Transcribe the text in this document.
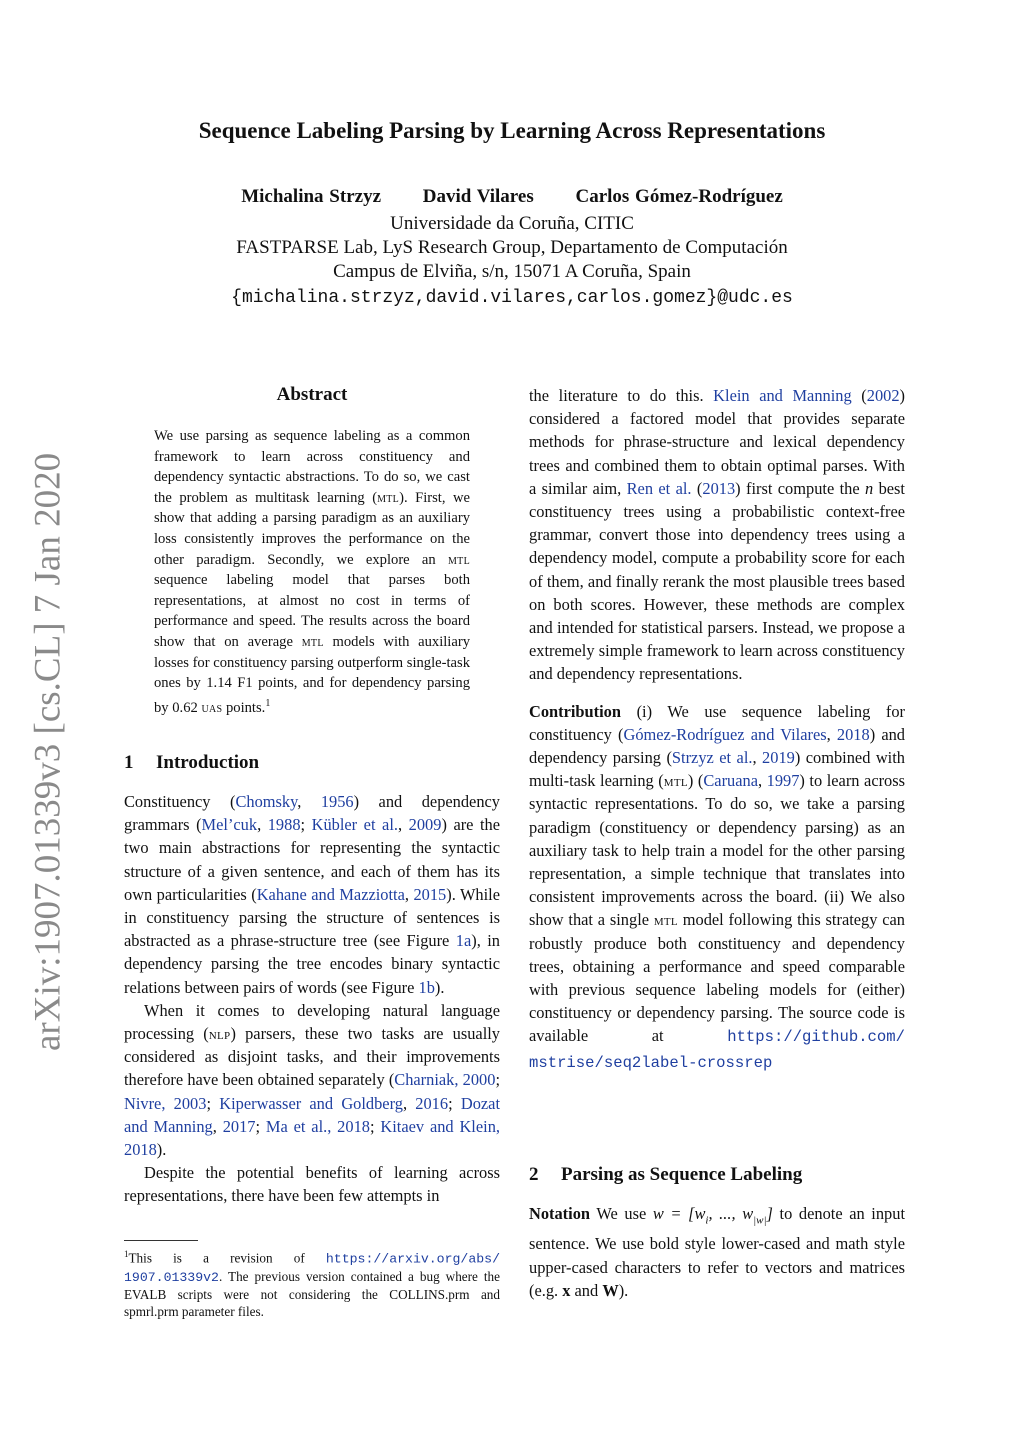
arXiv:1907.01339v3 [cs.CL] 7 Jan 2020
Sequence Labeling Parsing by Learning Across Representations
Michalina Strzyz David Vilares Carlos Gómez-Rodríguez
Universidade da Coruña, CITIC
FASTPARSE Lab, LyS Research Group, Departamento de Computación
Campus de Elviña, s/n, 15071 A Coruña, Spain
{michalina.strzyz,david.vilares,carlos.gomez}@udc.es
Abstract
We use parsing as sequence labeling as a common framework to learn across constituency and dependency syntactic abstractions. To do so, we cast the problem as multitask learning (mtl). First, we show that adding a parsing paradigm as an auxiliary loss consistently improves the performance on the other paradigm. Secondly, we explore an mtl sequence labeling model that parses both representations, at almost no cost in terms of performance and speed. The results across the board show that on average mtl models with auxiliary losses for constituency parsing outperform single-task ones by 1.14 F1 points, and for dependency parsing by 0.62 uas points.$^1$
1 Introduction

Constituency (Chomsky, 1956) and dependency grammars (Mel’cuk, 1988; Kübler et al., 2009) are the two main abstractions for representing the syntactic structure of a given sentence, and each of them has its own particularities (Kahane and Mazziotta, 2015). While in constituency parsing the structure of sentences is abstracted as a phrase-structure tree (see Figure 1a), in dependency parsing the tree encodes binary syntactic relations between pairs of words (see Figure 1b).

When it comes to developing natural language processing (nlp) parsers, these two tasks are usually considered as disjoint tasks, and their improvements therefore have been obtained separately (Charniak, 2000; Nivre, 2003; Kiperwasser and Goldberg, 2016; Dozat and Manning, 2017; Ma et al., 2018; Kitaev and Klein, 2018).

Despite the potential benefits of learning across representations, there have been few attempts in

$^1$This is a revision of https://arxiv.org/abs/ 1907.01339v2. The previous version contained a bug where the EVALB scripts were not considering the COLLINS.prm and spmrl.prm parameter files.

the literature to do this. Klein and Manning (2002) considered a factored model that provides separate methods for phrase-structure and lexical dependency trees and combined them to obtain optimal parses. With a similar aim, Ren et al. (2013) first compute the n best constituency trees using a probabilistic context-free grammar, convert those into dependency trees using a dependency model, compute a probability score for each of them, and finally rerank the most plausible trees based on both scores. However, these methods are complex and intended for statistical parsers. Instead, we propose a extremely simple framework to learn across constituency and dependency representations.

Contribution (i) We use sequence labeling for constituency (Gómez-Rodríguez and Vilares, 2018) and dependency parsing (Strzyz et al., 2019) combined with multi-task learning (mtl) (Caruana, 1997) to learn across syntactic representations. To do so, we take a parsing paradigm (constituency or dependency parsing) as an auxiliary task to help train a model for the other parsing representation, a simple technique that translates into consistent improvements across the board. (ii) We also show that a single mtl model following this strategy can robustly produce both constituency and dependency trees, obtaining a performance and speed comparable with previous sequence labeling models for (either) constituency or dependency parsing. The source code is available at https://github.com/ mstrise/seq2label-crossrep

2 Parsing as Sequence Labeling

Notation We use $w = [w_i$, ..., $w_{|w|}$] to denote an input sentence. We use bold style lower-cased and math style upper-cased characters to refer to vectors and matrices (e.g. x and W).
